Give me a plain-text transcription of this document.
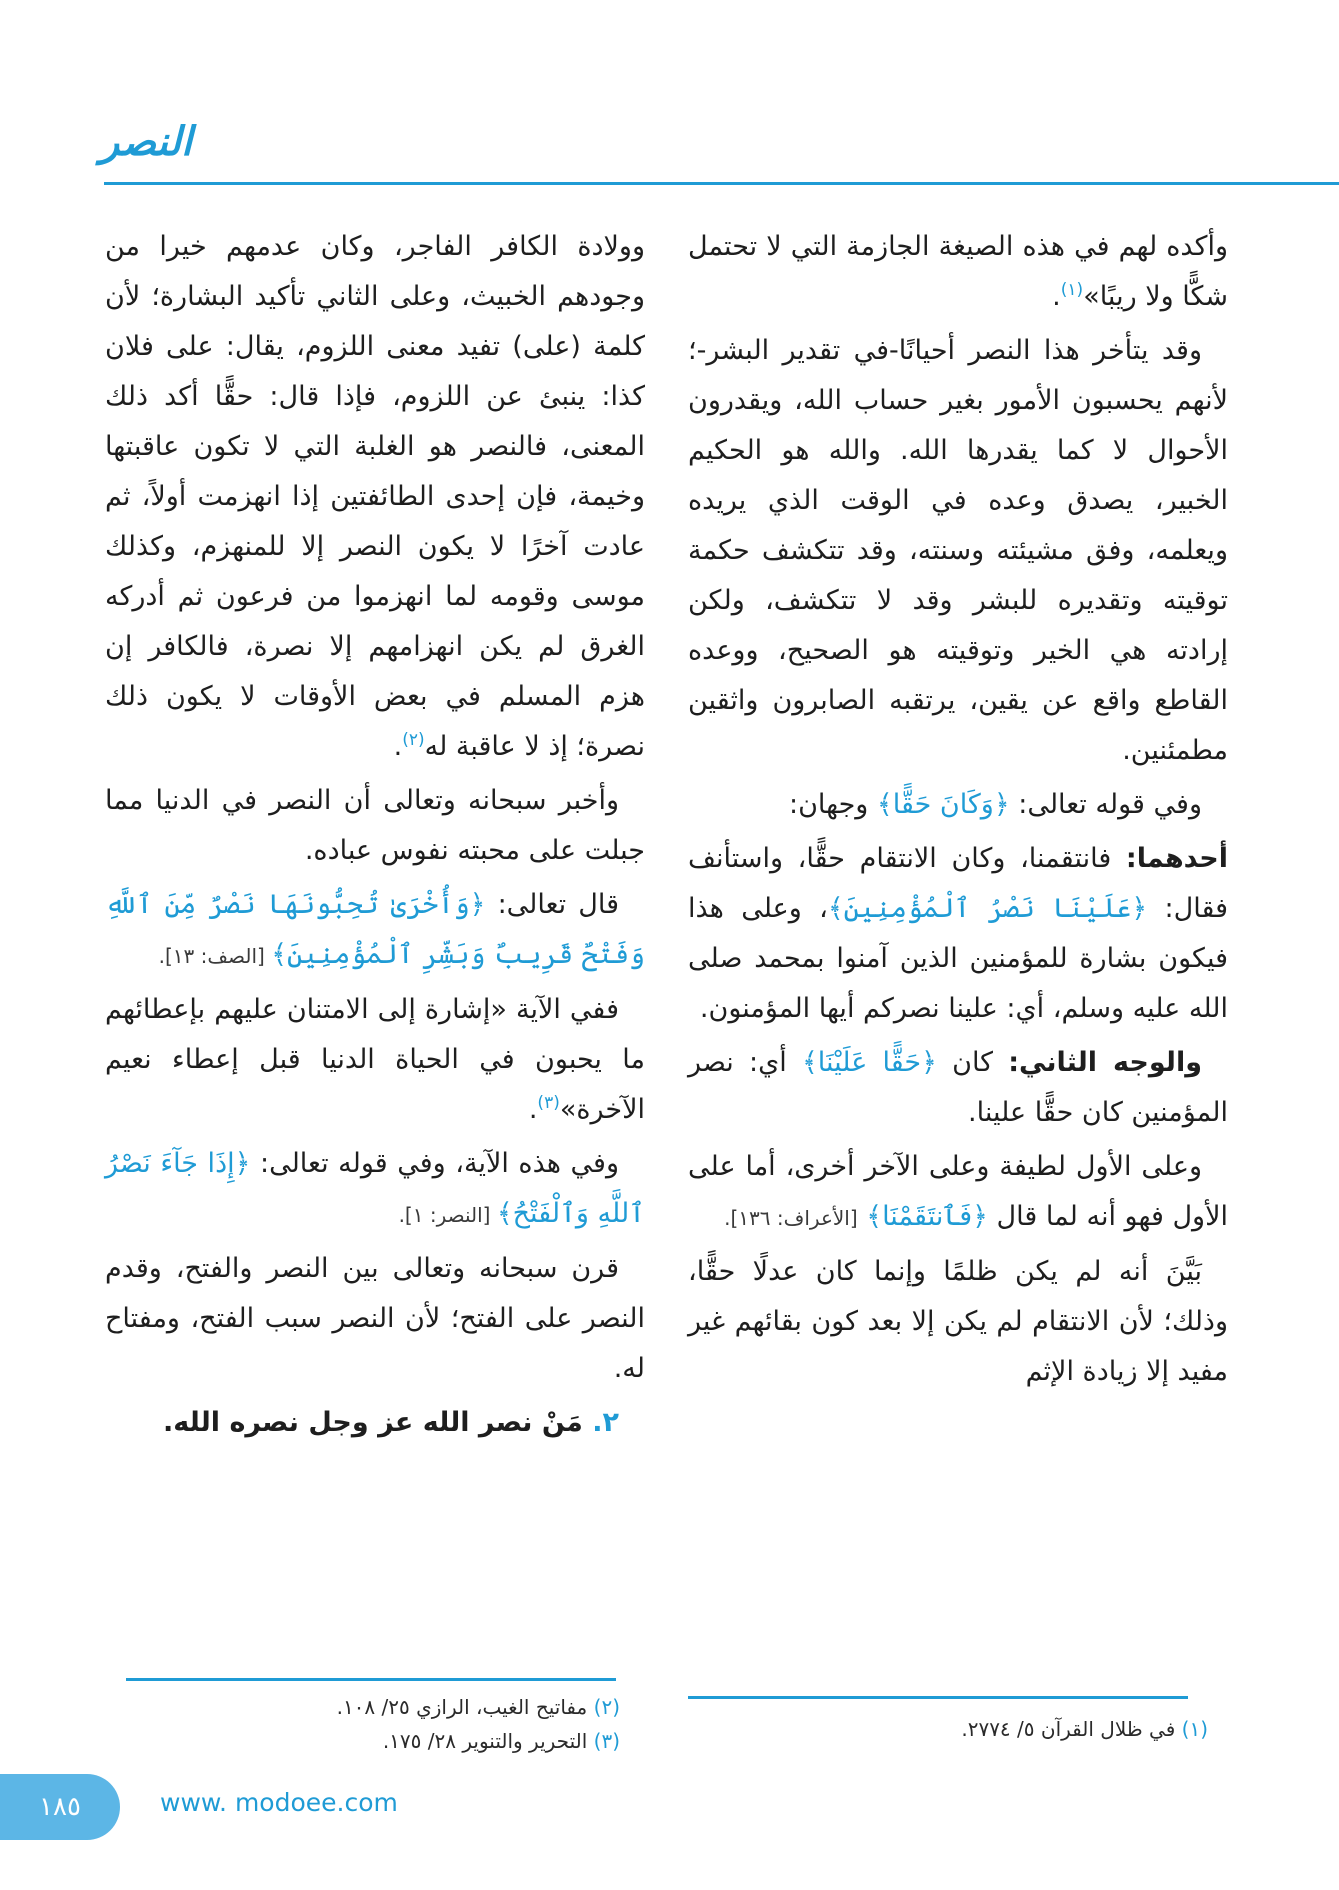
النصر

وأكده لهم في هذه الصيغة الجازمة التي لا تحتمل شكًّا ولا ريبًا»$^{(١)}$.

وقد يتأخر هذا النصر أحيانًا-في تقدير البشر-؛ لأنهم يحسبون الأمور بغير حساب الله، ويقدرون الأحوال لا كما يقدرها الله. والله هو الحكيم الخبير، يصدق وعده في الوقت الذي يريده ويعلمه، وفق مشيئته وسنته، وقد تتكشف حكمة توقيته وتقديره للبشر وقد لا تتكشف، ولكن إرادته هي الخير وتوقيته هو الصحيح، ووعده القاطع واقع عن يقين، يرتقبه الصابرون واثقين مطمئنين.

وفي قوله تعالى: ﴿وَكَانَ حَقًّا﴾ وجهان:

أحدهما: فانتقمنا، وكان الانتقام حقًّا، واستأنف فقال: ﴿عَلَيْنَا نَصْرُ ٱلْمُؤْمِنِينَ﴾، وعلى هذا فيكون بشارة للمؤمنين الذين آمنوا بمحمد صلى الله عليه وسلم، أي: علينا نصركم أيها المؤمنون.

والوجه الثاني: كان ﴿حَقًّا عَلَيْنَا﴾ أي: نصر المؤمنين كان حقًّا علينا.

وعلى الأول لطيفة وعلى الآخر أخرى، أما على الأول فهو أنه لما قال ﴿فَٱنتَقَمْنَا﴾ [الأعراف: ١٣٦].

بَيَّنَ أنه لم يكن ظلمًا وإنما كان عدلًا حقًّا، وذلك؛ لأن الانتقام لم يكن إلا بعد كون بقائهم غير مفيد إلا زيادة الإثم

وولادة الكافر الفاجر، وكان عدمهم خيرا من وجودهم الخبيث، وعلى الثاني تأكيد البشارة؛ لأن كلمة (على) تفيد معنى اللزوم، يقال: على فلان كذا: ينبئ عن اللزوم، فإذا قال: حقًّا أكد ذلك المعنى، فالنصر هو الغلبة التي لا تكون عاقبتها وخيمة، فإن إحدى الطائفتين إذا انهزمت أولاً، ثم عادت آخرًا لا يكون النصر إلا للمنهزم، وكذلك موسى وقومه لما انهزموا من فرعون ثم أدركه الغرق لم يكن انهزامهم إلا نصرة، فالكافر إن هزم المسلم في بعض الأوقات لا يكون ذلك نصرة؛ إذ لا عاقبة له$^{(٢)}$.

وأخبر سبحانه وتعالى أن النصر في الدنيا مما جبلت على محبته نفوس عباده.

قال تعالى: ﴿وَأُخْرَىٰ تُحِبُّونَهَا نَصْرٌ مِّنَ ٱللَّهِ وَفَتْحٌ قَرِيبٌ وَبَشِّرِ ٱلْمُؤْمِنِينَ﴾ [الصف: ١٣].

ففي الآية «إشارة إلى الامتنان عليهم بإعطائهم ما يحبون في الحياة الدنيا قبل إعطاء نعيم الآخرة»$^{(٣)}$.

وفي هذه الآية، وفي قوله تعالى: ﴿إِذَا جَآءَ نَصْرُ ٱللَّهِ وَٱلْفَتْحُ﴾ [النصر: ١].

قرن سبحانه وتعالى بين النصر والفتح، وقدم النصر على الفتح؛ لأن النصر سبب الفتح، ومفتاح له.

٢. مَنْ نصر الله عز وجل نصره الله.

(١) في ظلال القرآن ٥/ ٢٧٧٤.
(٢) مفاتيح الغيب، الرازي ٢٥/ ١٠٨.
(٣) التحرير والتنوير ٢٨/ ١٧٥.
١٨٥	www. modoee.com
